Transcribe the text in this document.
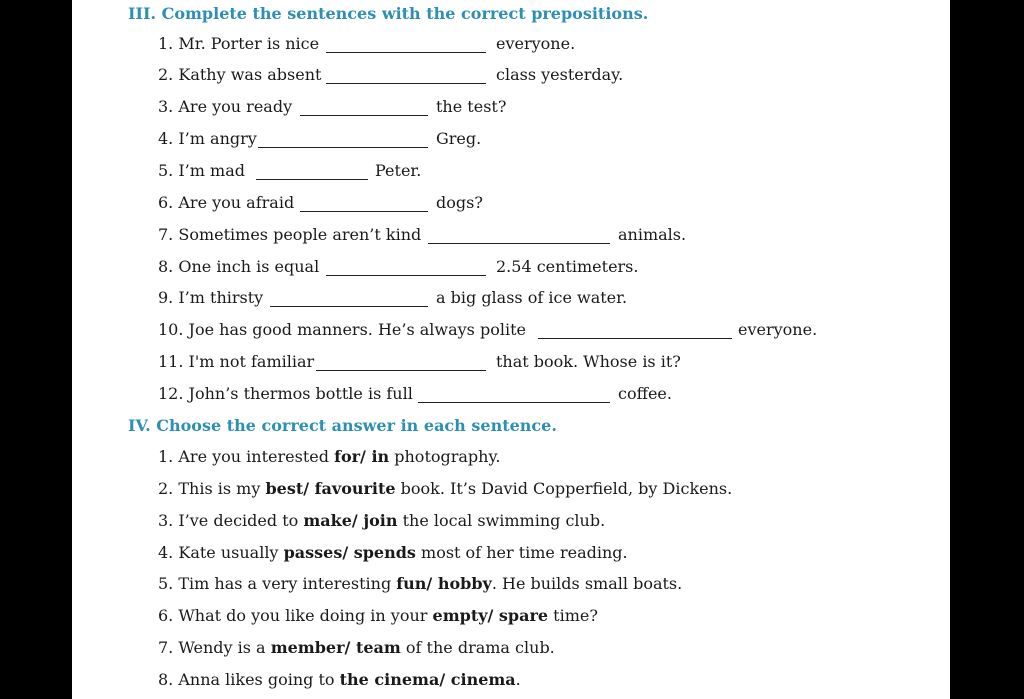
III. Complete the sentences with the correct prepositions.
1. Mr. Porter is nice	everyone.
2. Kathy was absent	class yesterday.
3. Are you ready	the test?
4. I’m angry	Greg.
5. I’m mad	Peter.
6. Are you afraid	dogs?
7. Sometimes people aren’t kind	animals.
8. One inch is equal	2.54 centimeters.
9. I’m thirsty	a big glass of ice water.
10. Joe has good manners. He’s always polite	everyone.
11. I'm not familiar	that book. Whose is it?
12. John’s thermos bottle is full	coffee.
IV. Choose the correct answer in each sentence.
1. Are you interested for/ in photography.
2. This is my best/ favourite book. It’s David Copperfield, by Dickens.
3. I’ve decided to make/ join the local swimming club.
4. Kate usually passes/ spends most of her time reading.
5. Tim has a very interesting fun/ hobby. He builds small boats.
6. What do you like doing in your empty/ spare time?
7. Wendy is a member/ team of the drama club.
8. Anna likes going to the cinema/ cinema.
